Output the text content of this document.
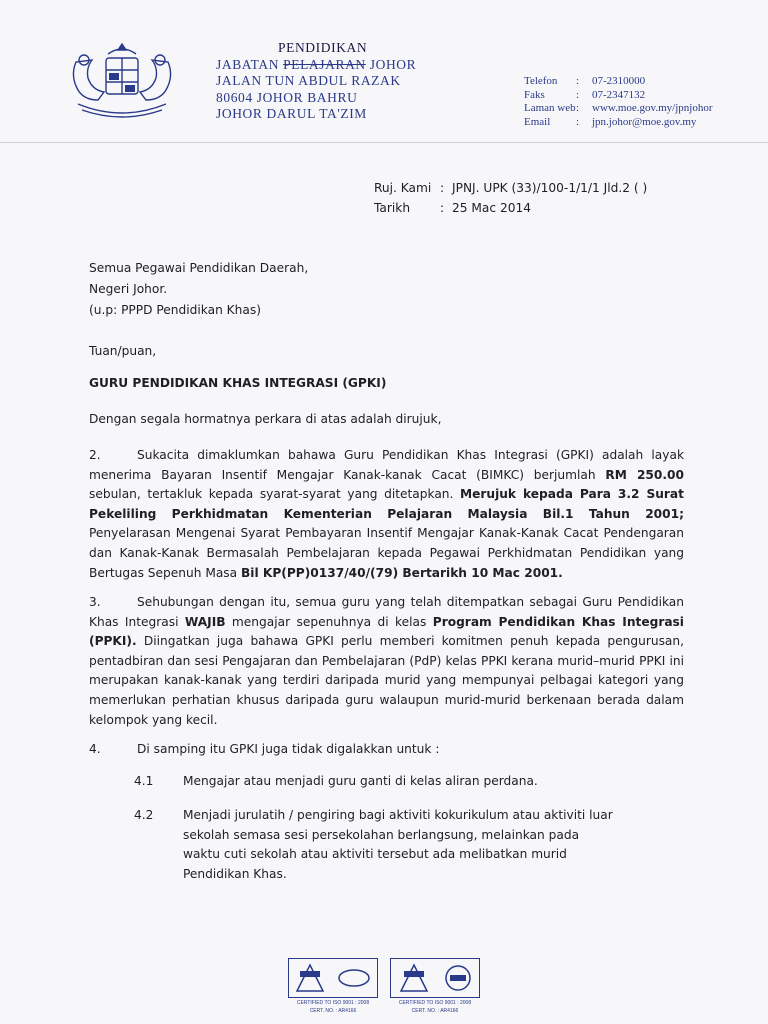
PENDIDIKAN
JABATAN PELAJARAN JOHOR
JALAN TUN ABDUL RAZAK
80604 JOHOR BAHRU
JOHOR DARUL TA'ZIM
Telefon	:	07-2310000
Faks	:	07-2347132
Laman web :	www.moe.gov.my/jpnjohor
Email	:	jpn.johor@moe.gov.my
Ruj. Kami : JPNJ. UPK (33)/100-1/1/1 Jld.2 ( )
Tarikh	: 25 Mac 2014
Semua Pegawai Pendidikan Daerah,
Negeri Johor.
(u.p: PPPD Pendidikan Khas)
Tuan/puan,
GURU PENDIDIKAN KHAS INTEGRASI (GPKI)
Dengan segala hormatnya perkara di atas adalah dirujuk,
2.	Sukacita dimaklumkan bahawa Guru Pendidikan Khas Integrasi (GPKI) adalah layak menerima Bayaran Insentif Mengajar Kanak-kanak Cacat (BIMKC) berjumlah RM 250.00 sebulan, tertakluk kepada syarat-syarat yang ditetapkan. Merujuk kepada Para 3.2 Surat Pekeliling Perkhidmatan Kementerian Pelajaran Malaysia Bil.1 Tahun 2001; Penyelarasan Mengenai Syarat Pembayaran Insentif Mengajar Kanak-Kanak Cacat Pendengaran dan Kanak-Kanak Bermasalah Pembelajaran kepada Pegawai Perkhidmatan Pendidikan yang Bertugas Sepenuh Masa Bil KP(PP)0137/40/(79) Bertarikh 10 Mac 2001.
3.	Sehubungan dengan itu, semua guru yang telah ditempatkan sebagai Guru Pendidikan Khas Integrasi WAJIB mengajar sepenuhnya di kelas Program Pendidikan Khas Integrasi (PPKI). Diingatkan juga bahawa GPKI perlu memberi komitmen penuh kepada pengurusan, pentadbiran dan sesi Pengajaran dan Pembelajaran (PdP) kelas PPKI kerana murid–murid PPKI ini merupakan kanak-kanak yang terdiri daripada murid yang mempunyai pelbagai kategori yang memerlukan perhatian khusus daripada guru walaupun murid-murid berkenaan berada dalam kelompok yang kecil.
4.	Di samping itu GPKI juga tidak digalakkan untuk :
4.1 Mengajar atau menjadi guru ganti di kelas aliran perdana.
4.2 Menjadi jurulatih / pengiring bagi aktiviti kokurikulum atau aktiviti luar sekolah semasa sesi persekolahan berlangsung, melainkan pada waktu cuti sekolah atau aktiviti tersebut ada melibatkan murid Pendidikan Khas.
CERTIFIED TO ISO 9001 : 2008
CERT. NO. : AR4166
CERTIFIED TO ISO 9001 : 2008
CERT. NO. : AR4166
